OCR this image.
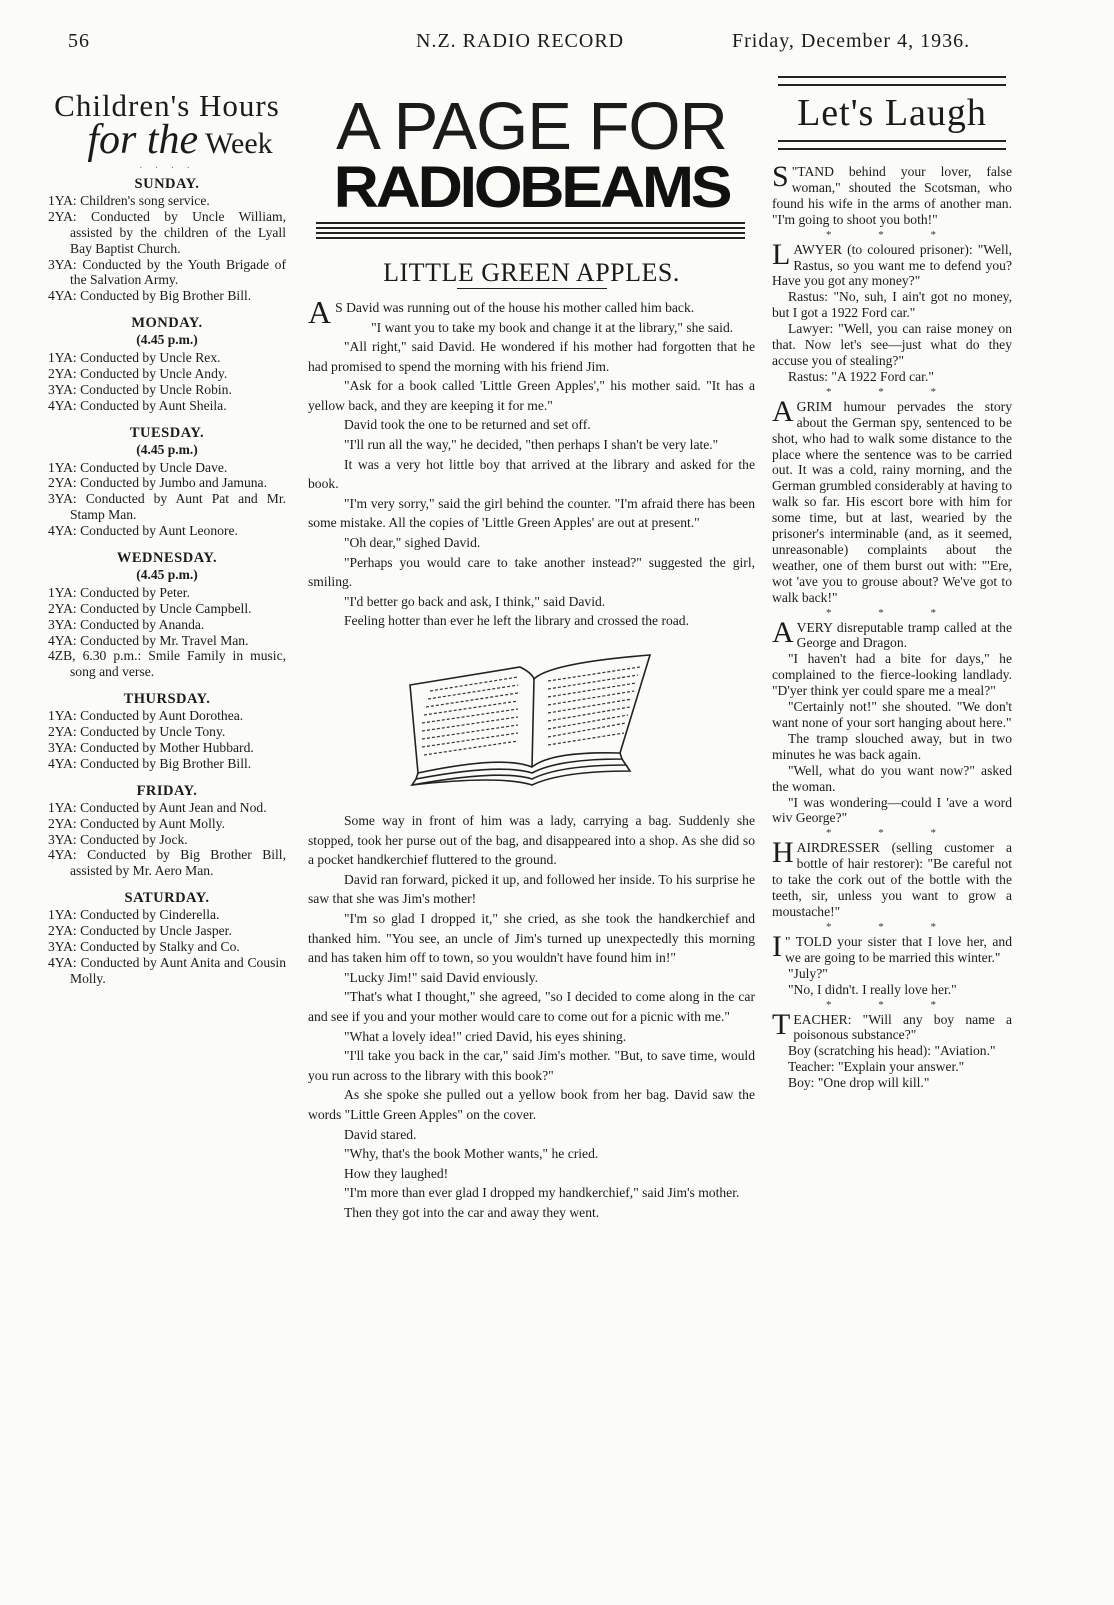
56	N.Z. RADIO RECORD	Friday, December 4, 1936.
Children's Hours
for the Week
· · · ·
SUNDAY.
1YA: Children's song service.
2YA: Conducted by Uncle William, assisted by the children of the Lyall Bay Baptist Church.
3YA: Conducted by the Youth Brigade of the Salvation Army.
4YA: Conducted by Big Brother Bill.
MONDAY.
(4.45 p.m.)
1YA: Conducted by Uncle Rex.
2YA: Conducted by Uncle Andy.
3YA: Conducted by Uncle Robin.
4YA: Conducted by Aunt Sheila.
TUESDAY.
(4.45 p.m.)
1YA: Conducted by Uncle Dave.
2YA: Conducted by Jumbo and Jamuna.
3YA: Conducted by Aunt Pat and Mr. Stamp Man.
4YA: Conducted by Aunt Leonore.
WEDNESDAY.
(4.45 p.m.)
1YA: Conducted by Peter.
2YA: Conducted by Uncle Campbell.
3YA: Conducted by Ananda.
4YA: Conducted by Mr. Travel Man.
4ZB, 6.30 p.m.: Smile Family in music, song and verse.
THURSDAY.
1YA: Conducted by Aunt Dorothea.
2YA: Conducted by Uncle Tony.
3YA: Conducted by Mother Hubbard.
4YA: Conducted by Big Brother Bill.
FRIDAY.
1YA: Conducted by Aunt Jean and Nod.
2YA: Conducted by Aunt Molly.
3YA: Conducted by Jock.
4YA: Conducted by Big Brother Bill, assisted by Mr. Aero Man.
SATURDAY.
1YA: Conducted by Cinderella.
2YA: Conducted by Uncle Jasper.
3YA: Conducted by Stalky and Co.
4YA: Conducted by Aunt Anita and Cousin Molly.
A PAGE FOR
RADIOBEAMS
LITTLE GREEN APPLES.
A S David was running out of the house his mother called him back.
"I want you to take my book and change it at the library," she said.
"All right," said David. He wondered if his mother had forgotten that he had promised to spend the morning with his friend Jim.
"Ask for a book called 'Little Green Apples'," his mother said. "It has a yellow back, and they are keeping it for me."
David took the one to be returned and set off.
"I'll run all the way," he decided, "then perhaps I shan't be very late."
It was a very hot little boy that arrived at the library and asked for the book.
"I'm very sorry," said the girl behind the counter. "I'm afraid there has been some mistake. All the copies of 'Little Green Apples' are out at present."
"Oh dear," sighed David.
"Perhaps you would care to take another instead?" suggested the girl, smiling.
"I'd better go back and ask, I think," said David.
Feeling hotter than ever he left the library and crossed the road.
Some way in front of him was a lady, carrying a bag. Suddenly she stopped, took her purse out of the bag, and disappeared into a shop. As she did so a pocket handkerchief fluttered to the ground.
David ran forward, picked it up, and followed her inside. To his surprise he saw that she was Jim's mother!
"I'm so glad I dropped it," she cried, as she took the handkerchief and thanked him. "You see, an uncle of Jim's turned up unexpectedly this morning and has taken him off to town, so you wouldn't have found him in!"
"Lucky Jim!" said David enviously.
"That's what I thought," she agreed, "so I decided to come along in the car and see if you and your mother would care to come out for a picnic with me."
"What a lovely idea!" cried David, his eyes shining.
"I'll take you back in the car," said Jim's mother. "But, to save time, would you run across to the library with this book?"
As she spoke she pulled out a yellow book from her bag. David saw the words "Little Green Apples" on the cover.
David stared.
"Why, that's the book Mother wants," he cried.
How they laughed!
"I'm more than ever glad I dropped my handkerchief," said Jim's mother.
Then they got into the car and away they went.
Let's Laugh
"
S TAND behind your lover, false woman," shouted the Scotsman, who found his wife in the arms of another man. "I'm going to shoot you both!"
* * *
LAWYER (to coloured prisoner): "Well, Rastus, so you want me to defend you? Have you got any money?"
Rastus: "No, suh, I ain't got no money, but I got a 1922 Ford car."
Lawyer: "Well, you can raise money on that. Now let's see—just what do they accuse you of stealing?"
Rastus: "A 1922 Ford car."
* * *
A GRIM humour pervades the story about the German spy, sentenced to be shot, who had to walk some distance to the place where the sentence was to be carried out. It was a cold, rainy morning, and the German grumbled considerably at having to walk so far. His escort bore with him for some time, but at last, wearied by the prisoner's interminable (and, as it seemed, unreasonable) complaints about the weather, one of them burst out with: "'Ere, wot 'ave you to grouse about? We've got to walk back!"
* * *
A VERY disreputable tramp called at the George and Dragon.
"I haven't had a bite for days," he complained to the fierce-looking landlady. "D'yer think yer could spare me a meal?"
"Certainly not!" she shouted. "We don't want none of your sort hanging about here."
The tramp slouched away, but in two minutes he was back again.
"Well, what do you want now?" asked the woman.
"I was wondering—could I 'ave a word wiv George?"
* * *
HAIRDRESSER (selling customer a bottle of hair restorer): "Be careful not to take the cork out of the bottle with the teeth, sir, unless you want to grow a moustache!"
* * *
"
I TOLD your sister that I love her, and we are going to be married this winter."
"July?"
"No, I didn't. I really love her."
* * *
TEACHER: "Will any boy name a poisonous substance?"
Boy (scratching his head): "Aviation."
Teacher: "Explain your answer."
Boy: "One drop will kill."
